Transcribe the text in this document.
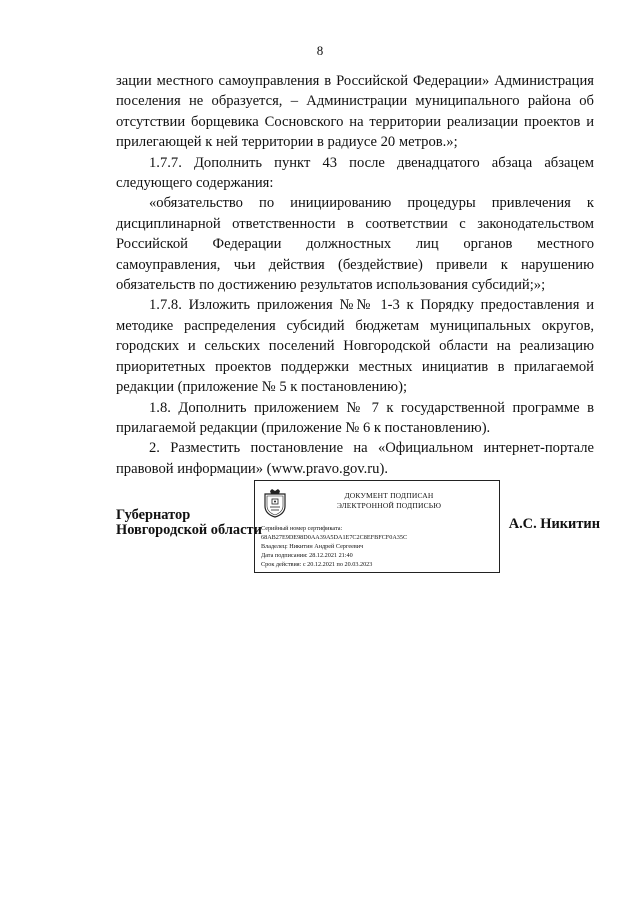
8

зации местного самоуправления в Российской Федерации» Администрация поселения не образуется, – Администрации муниципального района об отсутствии борщевика Сосновского на территории реализации проектов и прилегающей к ней территории в радиусе 20 метров.»;

1.7.7. Дополнить пункт 43 после двенадцатого абзаца абзацем следующего содержания:

«обязательство по инициированию процедуры привлечения к дисциплинарной ответственности в соответствии с законодательством Российской Федерации должностных лиц органов местного самоуправления, чьи действия (бездействие) привели к нарушению обязательств по достижению результатов использования субсидий;»;

1.7.8. Изложить приложения №№ 1-3 к Порядку предоставления и методике распределения субсидий бюджетам муниципальных округов, городских и сельских поселений Новгородской области на реализацию приоритетных проектов поддержки местных инициатив в прилагаемой редакции (приложение № 5 к постановлению);

1.8. Дополнить приложением № 7 к государственной программе в прилагаемой редакции (приложение № 6 к постановлению).

2. Разместить постановление на «Официальном интернет-портале правовой информации» (www.pravo.gov.ru).

Губернатор
Новгородской области
ДОКУМЕНТ ПОДПИСАН
ЭЛЕКТРОННОЙ ПОДПИСЬЮ
Серийный номер сертификата:
68AB27E9DE98D0AA39A5DA1E7C2C8EFBFCF0A35C
Владелец: Никитин Андрей Сергеевич
Дата подписания: 28.12.2021 21:40
Срок действия: с 20.12.2021 по 20.03.2023
А.С. Никитин
